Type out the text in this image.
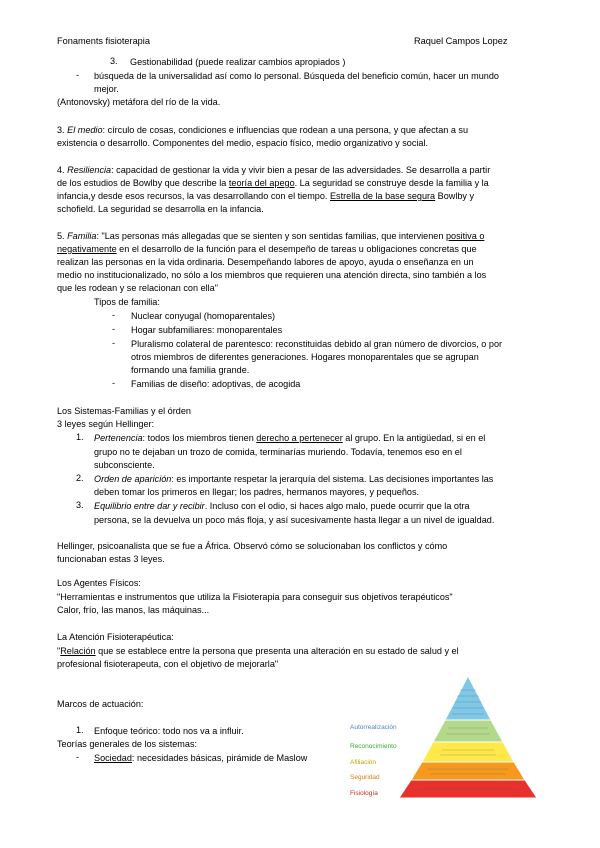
Fonaments fisioterapia	Raquel Campos Lopez
3. Gestionabilidad (puede realizar cambios apropiados )
- búsqueda de la universalidad así como lo personal. Búsqueda del beneficio común, hacer un mundo
mejor.
(Antonovsky) metáfora del río de la vida.
3. El medio: círculo de cosas, condiciones e influencias que rodean a una persona, y que afectan a su
existencia o desarrollo. Componentes del medio, espacio físico, medio organizativo y social.
4. Resiliencia: capacidad de gestionar la vida y vivir bien a pesar de las adversidades. Se desarrolla a partir
de los estudios de Bowlby que describe la teoría del apego. La seguridad se construye desde la familia y la
infancia,y desde esos recursos, la vas desarrollando con el tiempo. Estrella de la base segura Bowlby y
schofield. La seguridad se desarrolla en la infancia.
5. Familia: "Las personas más allegadas que se sienten y son sentidas familias, que intervienen positiva o
negativamente en el desarrollo de la función para el desempeño de tareas u obligaciones concretas que
realizan las personas en la vida ordinaria. Desempeñando labores de apoyo, ayuda o enseñanza en un
medio no institucionalizado, no sólo a los miembros que requieren una atención directa, sino también a los
que les rodean y se relacionan con ella"
Tipos de familia:
- Nuclear conyugal (homoparentales)
- Hogar subfamiliares: monoparentales
- Pluralismo colateral de parentesco: reconstituidas debido al gran número de divorcios, o por
otros miembros de diferentes generaciones. Hogares monoparentales que se agrupan
formando una familia grande.
- Familias de diseño: adoptivas, de acogida
Los Sistemas-Familias y el órden
3 leyes según Hellinger:
1. Pertenencia: todos los miembros tienen derecho a pertenecer al grupo. En la antigüedad, si en el
grupo no te dejaban un trozo de comida, terminarías muriendo. Todavía, tenemos eso en el
subconsciente.
2. Orden de aparición: es importante respetar la jerarquía del sistema. Las decisiones importantes las
deben tomar los primeros en llegar; los padres, hermanos mayores, y pequeños.
3. Equilibrio entre dar y recibir. Incluso con el odio, si haces algo malo, puede ocurrir que la otra
persona, se la devuelva un poco más floja, y así sucesivamente hasta llegar a un nivel de igualdad.
Hellinger, psicoanalista que se fue a África. Observó cómo se solucionaban los conflictos y cómo
funcionaban estas 3 leyes.
Los Agentes Físicos:
"Herramientas e instrumentos que utiliza la Fisioterapia para conseguir sus objetivos terapéuticos"
Calor, frío, las manos, las máquinas...
La Atención Fisioterapéutica:
"Relación que se establece entre la persona que presenta una alteración en su estado de salud y el
profesional fisioterapeuta, con el objetivo de mejorarla"
Marcos de actuación:
1. Enfoque teórico: todo nos va a influir.
Teorías generales de los sistemas:
- Sociedad: necesidades básicas, pirámide de Maslow
Autorrealización
Reconocimiento
Afiliación
Seguridad
Fisiología
